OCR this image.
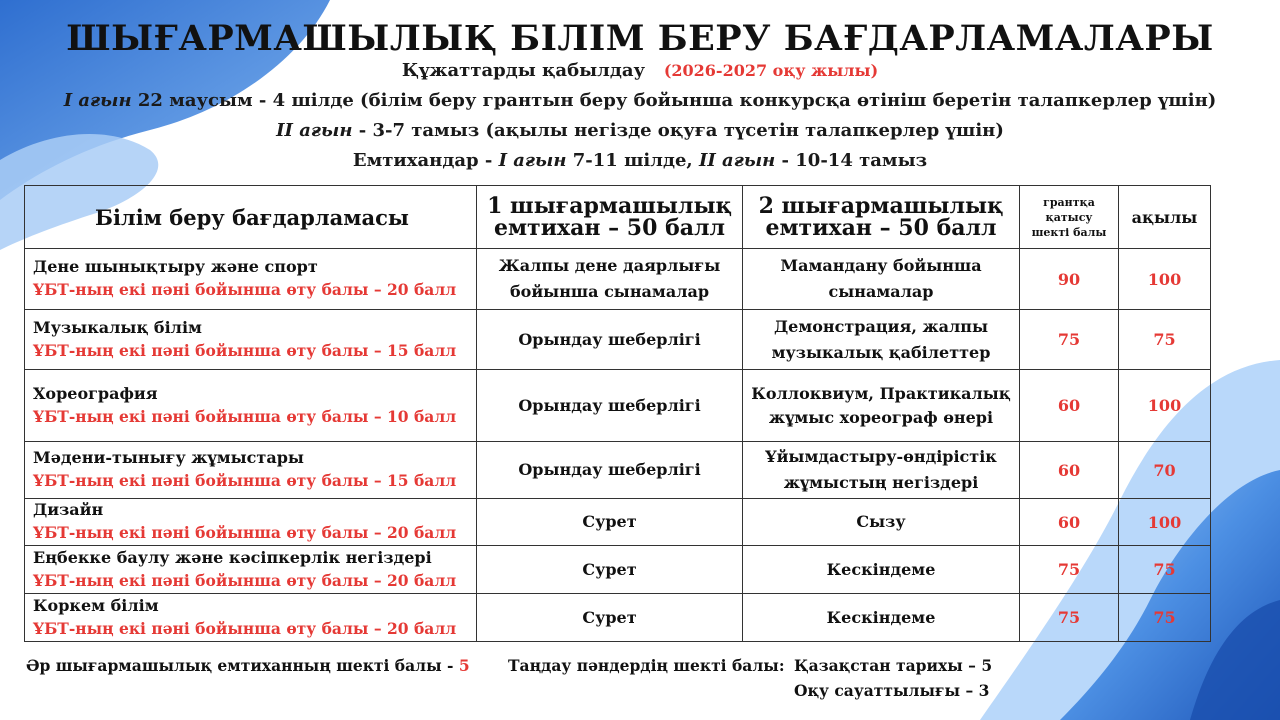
ШЫҒАРМАШЫЛЫҚ БІЛІМ БЕРУ БАҒДАРЛАМАЛАРЫ
Құжаттарды қабылдау (2026-2027 оқу жылы)
I ағын 22 маусым - 4 шілде (білім беру грантын беру бойынша конкурсқа өтініш беретін талапкерлер үшін)
II ағын - 3-7 тамыз (ақылы негізде оқуға түсетін талапкерлер үшін)
Емтихандар - I ағын 7-11 шілде, II ағын - 10-14 тамыз
Білім беру бағдарламасы	1 шығармашылық емтихан – 50 балл	2 шығармашылық емтихан – 50 балл	грантқа қатысу шекті балы	ақылы

Дене шынықтыру және спорт
ҰБТ-ның екі пәні бойынша өту балы – 20 балл	Жалпы дене даярлығы бойынша сынамалар	Мамандану бойынша сынамалар	90	100

Музыкалық білім
ҰБТ-ның екі пәні бойынша өту балы – 15 балл	Орындау шеберлігі	Демонстрация, жалпы музыкалық қабілеттер	75	75

Хореография
ҰБТ-ның екі пәні бойынша өту балы – 10 балл	Орындау шеберлігі	Коллоквиум, Практикалық жұмыс хореограф өнері	60	100

Мәдени-тынығу жұмыстары
ҰБТ-ның екі пәні бойынша өту балы – 15 балл	Орындау шеберлігі	Ұйымдастыру-өндірістік жұмыстың негіздері	60	70

Дизайн
ҰБТ-ның екі пәні бойынша өту балы – 20 балл	Сурет	Сызу	60	100

Еңбекке баулу және кәсіпкерлік негіздері
ҰБТ-ның екі пәні бойынша өту балы – 20 балл	Сурет	Кескіндеме	75	75

Коркем білім
ҰБТ-ның екі пәні бойынша өту балы – 20 балл	Сурет	Кескіндеме	75	75
Әр шығармашылық емтиханның шекті балы - 5 Таңдау пәндердің шекті балы: Қазақстан тарихы – 5
Оқу сауаттылығы – 3
